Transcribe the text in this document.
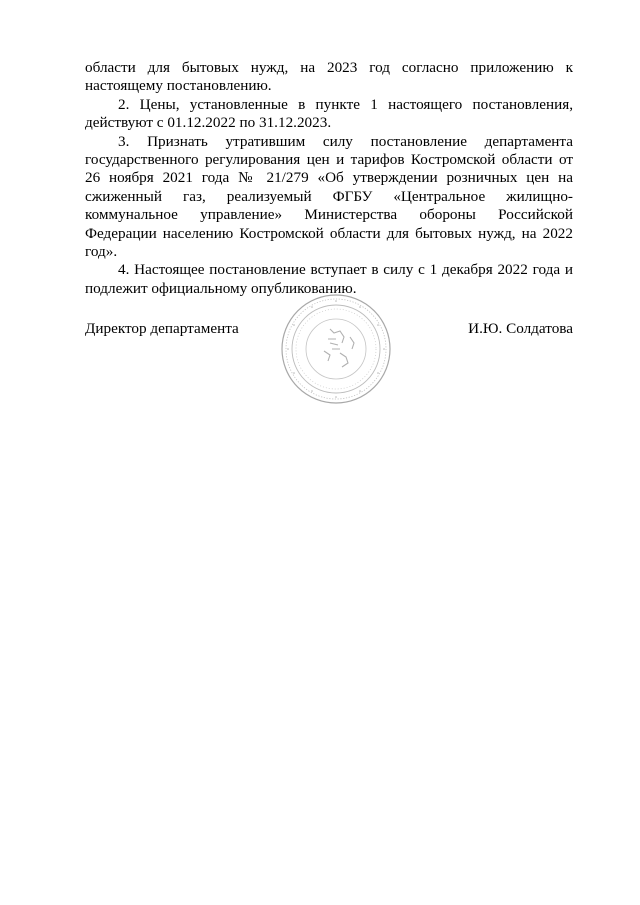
области для бытовых нужд, на 2023 год согласно приложению к настоящему постановлению.

2. Цены, установленные в пункте 1 настоящего постановления, действуют с 01.12.2022 по 31.12.2023.

3. Признать утратившим силу постановление департамента государственного регулирования цен и тарифов Костромской области от 26 ноября 2021 года № 21/279 «Об утверждении розничных цен на сжиженный газ, реализуемый ФГБУ «Центральное жилищно-коммунальное управление» Министерства обороны Российской Федерации населению Костромской области для бытовых нужд, на 2022 год».

4. Настоящее постановление вступает в силу с 1 декабря 2022 года и подлежит официальному опубликованию.

Директор департамента	И.Ю. Солдатова
